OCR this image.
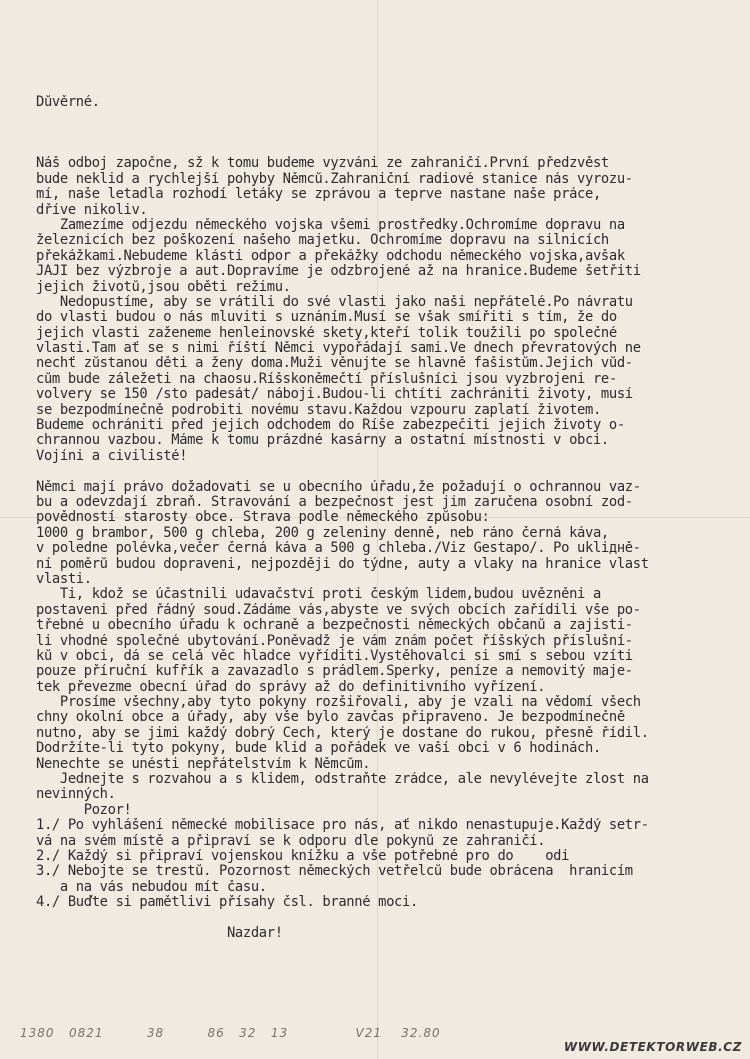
Důvěrné.

Náš odboj započne, sž k tomu budeme vyzváni ze zahraničí.První předzvěst
bude neklid a rychlejší pohyby Němců.Zahraniční radiové stanice nás vyrozu-
mí, naše letadla rozhodí letáky se zprávou a teprve nastane naše práce,
dříve nikoliv.
Zamezíme odjezdu německého vojska všemi prostředky.Ochromíme dopravu na
železnicích bez poškození našeho majetku. Ochromíme dopravu na silnicích
překážkami.Nebudeme klásti odpor a překážky odchodu německého vojska,avšak
JAJI bez výzbroje a aut.Dopravíme je odzbrojené až na hranice.Budeme šetřiti
jejich životů,jsou oběti režimu.
Nedopustíme, aby se vrátili do své vlasti jako naši nepřátelé.Po návratu
do vlasti budou o nás mluviti s uznáním.Musí se však smířiti s tím, že do
jejich vlasti zaženeme henleinovské skety,kteří tolik toužili po společné
vlasti.Tam ať se s nimi říští Němci vypořádají sami.Ve dnech převratových ne
nechť zůstanou děti a ženy doma.Muži věnujte se hlavně fašistům.Jejich vůd-
cům bude záležeti na chaosu.Říšskoněmečtí příslušníci jsou vyzbrojeni re-
volvery se 150 /sto padesát/ náboji.Budou-li chtíti zachrániti životy, musí
se bezpodmínečně podrobiti novému stavu.Každou vzpouru zaplatí životem.
Budeme ochrániti před jejich odchodem do Říše zabezpečiti jejich životy o-
chrannou vazbou. Máme k tomu prázdné kasárny a ostatní místnosti v obci.
Vojíni a civilisté!
Němci mají právo dožadovati se u obecního úřadu,že požadují o ochrannou vaz-
bu a odevzdají zbraň. Stravování a bezpečnost jest jim zaručena osobní zod-
povědností starosty obce. Strava podle německého způsobu:
1000 g brambor, 500 g chleba, 200 g zeleniny denně, neb ráno černá káva,
v poledne polévka,večer černá káva a 500 g chleba./Viz Gestapo/. Po ukliднě-
ní poměrů budou dopraveni, nejpozději do týdne, auty a vlaky na hranice vlast
vlasti.
Ti, kdož se účastnili udavačství proti českým lidem,budou uvězněni a
postaveni před řádný soud.Žádáme vás,abyste ve svých obcích zařídili vše po-
třebné u obecního úřadu k ochraně a bezpečnosti německých občanů a zajisti-
li vhodné společné ubytování.Poněvadž je vám znám počet říšských příslušní-
ků v obci, dá se celá věc hladce vyříditi.Vystěhovalci si smí s sebou vzíti
pouze příruční kufřík a zavazadlo s prádlem.Šperky, peníze a nemovitý maje-
tek převezme obecní úřad do správy až do definitivního vyřízení.
Prosíme všechny,aby tyto pokyny rozšiřovali, aby je vzali na vědomí všech
chny okolní obce a úřady, aby vše bylo zavčas připraveno. Je bezpodmínečně
nutno, aby se jimi každý dobrý Čech, který je dostane do rukou, přesně řídil.
Dodržíte-li tyto pokyny, bude klid a pořádek ve vaší obci v 6 hodinách.
Nenechte se unésti nepřátelstvím k Němcům.
Jednejte s rozvahou a s klidem, odstraňte zrádce, ale nevylévejte zlost na
nevinných.
Pozor!
1./ Po vyhlášení německé mobilisace pro nás, ať nikdo nenastupuje.Každý setr-
vá na svém místě a připraví se k odporu dle pokynů ze zahraničí.
2./ Každý si připraví vojenskou knížku a vše potřebné pro do    odi
3./ Nebojte se trestů. Pozornost německých vetřelců bude obrácena  hranicím
a na vás nebudou mít času.
4./ Buďte si pamětlivi přísahy čsl. branné moci.
Nazdar!

1380   0821         38         86   32   13              V21    32.80
WWW.DETEKTORWEB.CZ
